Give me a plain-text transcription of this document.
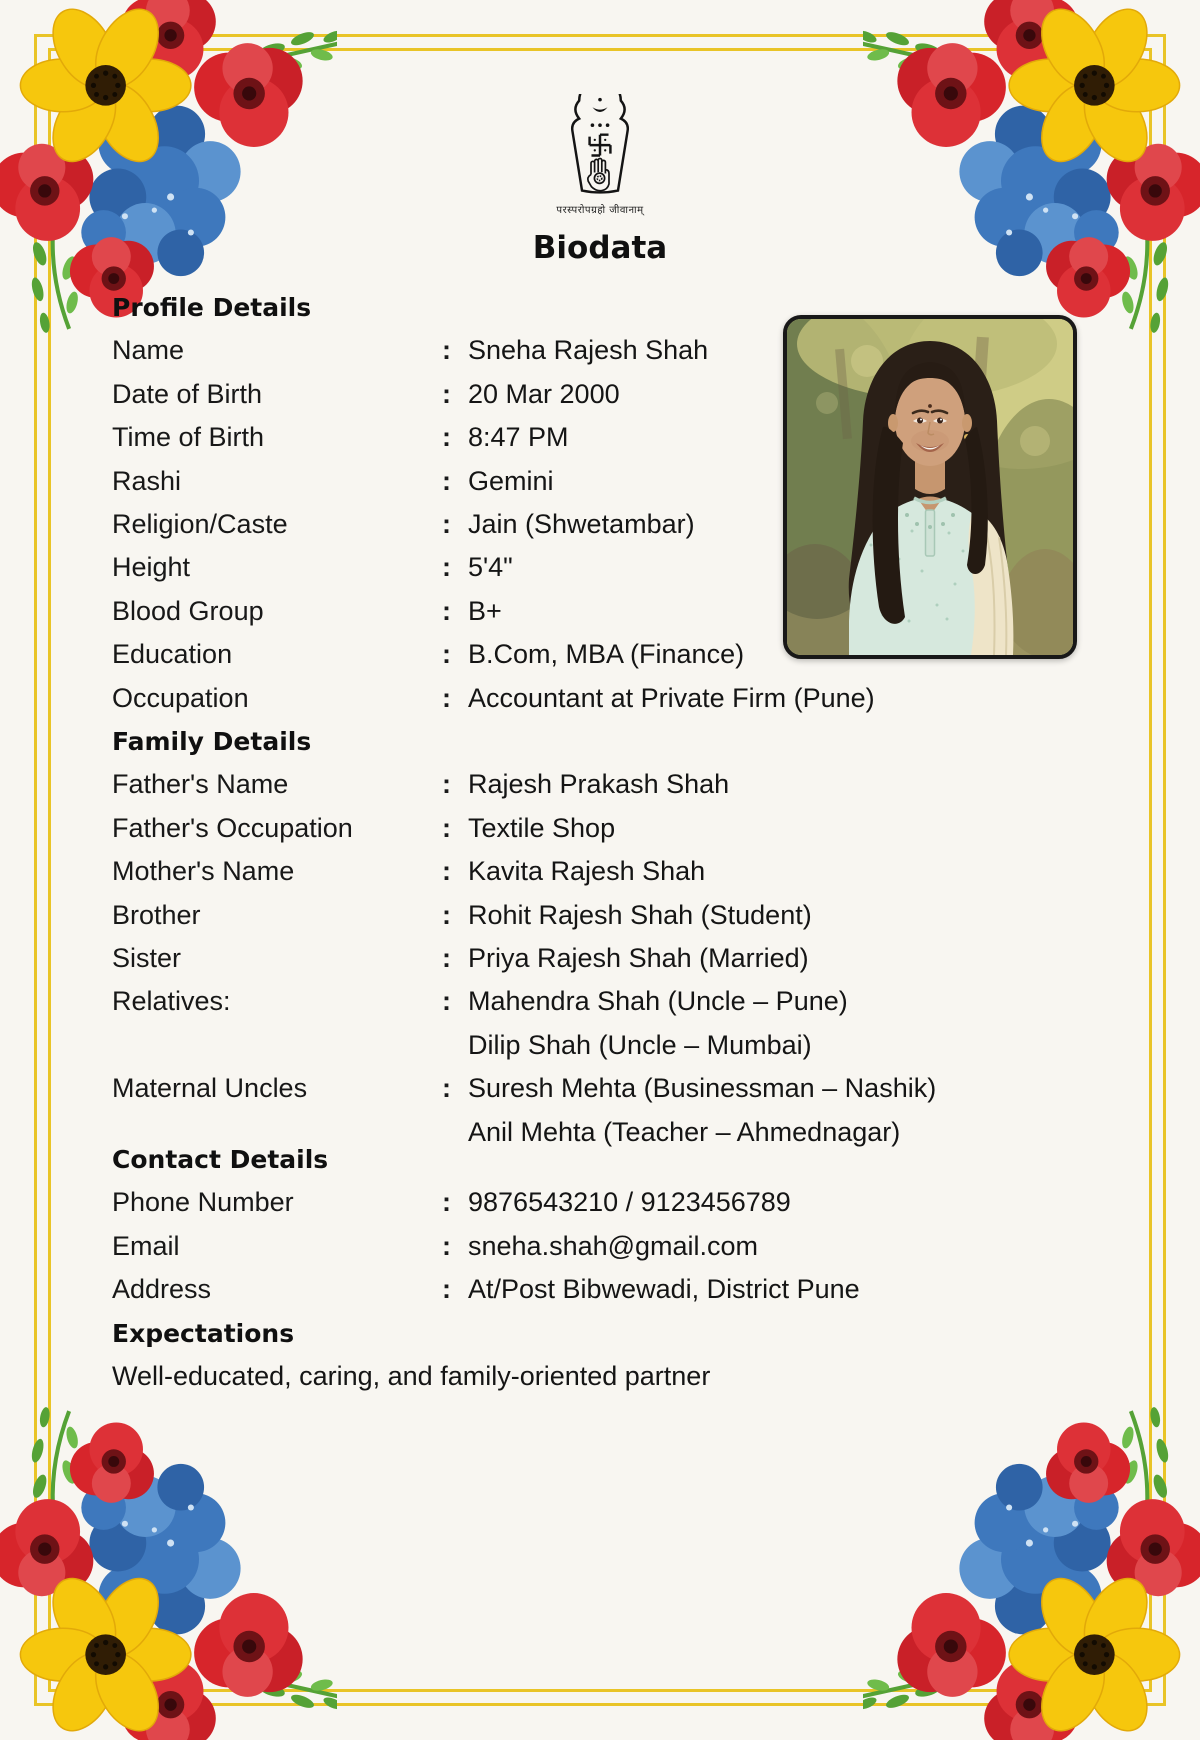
परस्परोपग्रहो जीवानाम्
Biodata
Profile Details
Name	: Sneha Rajesh Shah
Date of Birth	: 20 Mar 2000
Time of Birth	: 8:47 PM
Rashi	: Gemini
Religion/Caste	: Jain (Shwetambar)
Height	: 5'4"
Blood Group	: B+
Education	: B.Com, MBA (Finance)
Occupation	: Accountant at Private Firm (Pune)
Family Details
Father's Name	: Rajesh Prakash Shah
Father's Occupation	: Textile Shop
Mother's Name	: Kavita Rajesh Shah
Brother	: Rohit Rajesh Shah (Student)
Sister	: Priya Rajesh Shah (Married)
Relatives:	: Mahendra Shah (Uncle – Pune)
Dilip Shah (Uncle – Mumbai)
Maternal Uncles	: Suresh Mehta (Businessman – Nashik)
Anil Mehta (Teacher – Ahmednagar)
Contact Details
Phone Number	: 9876543210 / 9123456789
Email	: sneha.shah@gmail.com
Address	: At/Post Bibwewadi, District Pune
Expectations
Well-educated, caring, and family-oriented partner
